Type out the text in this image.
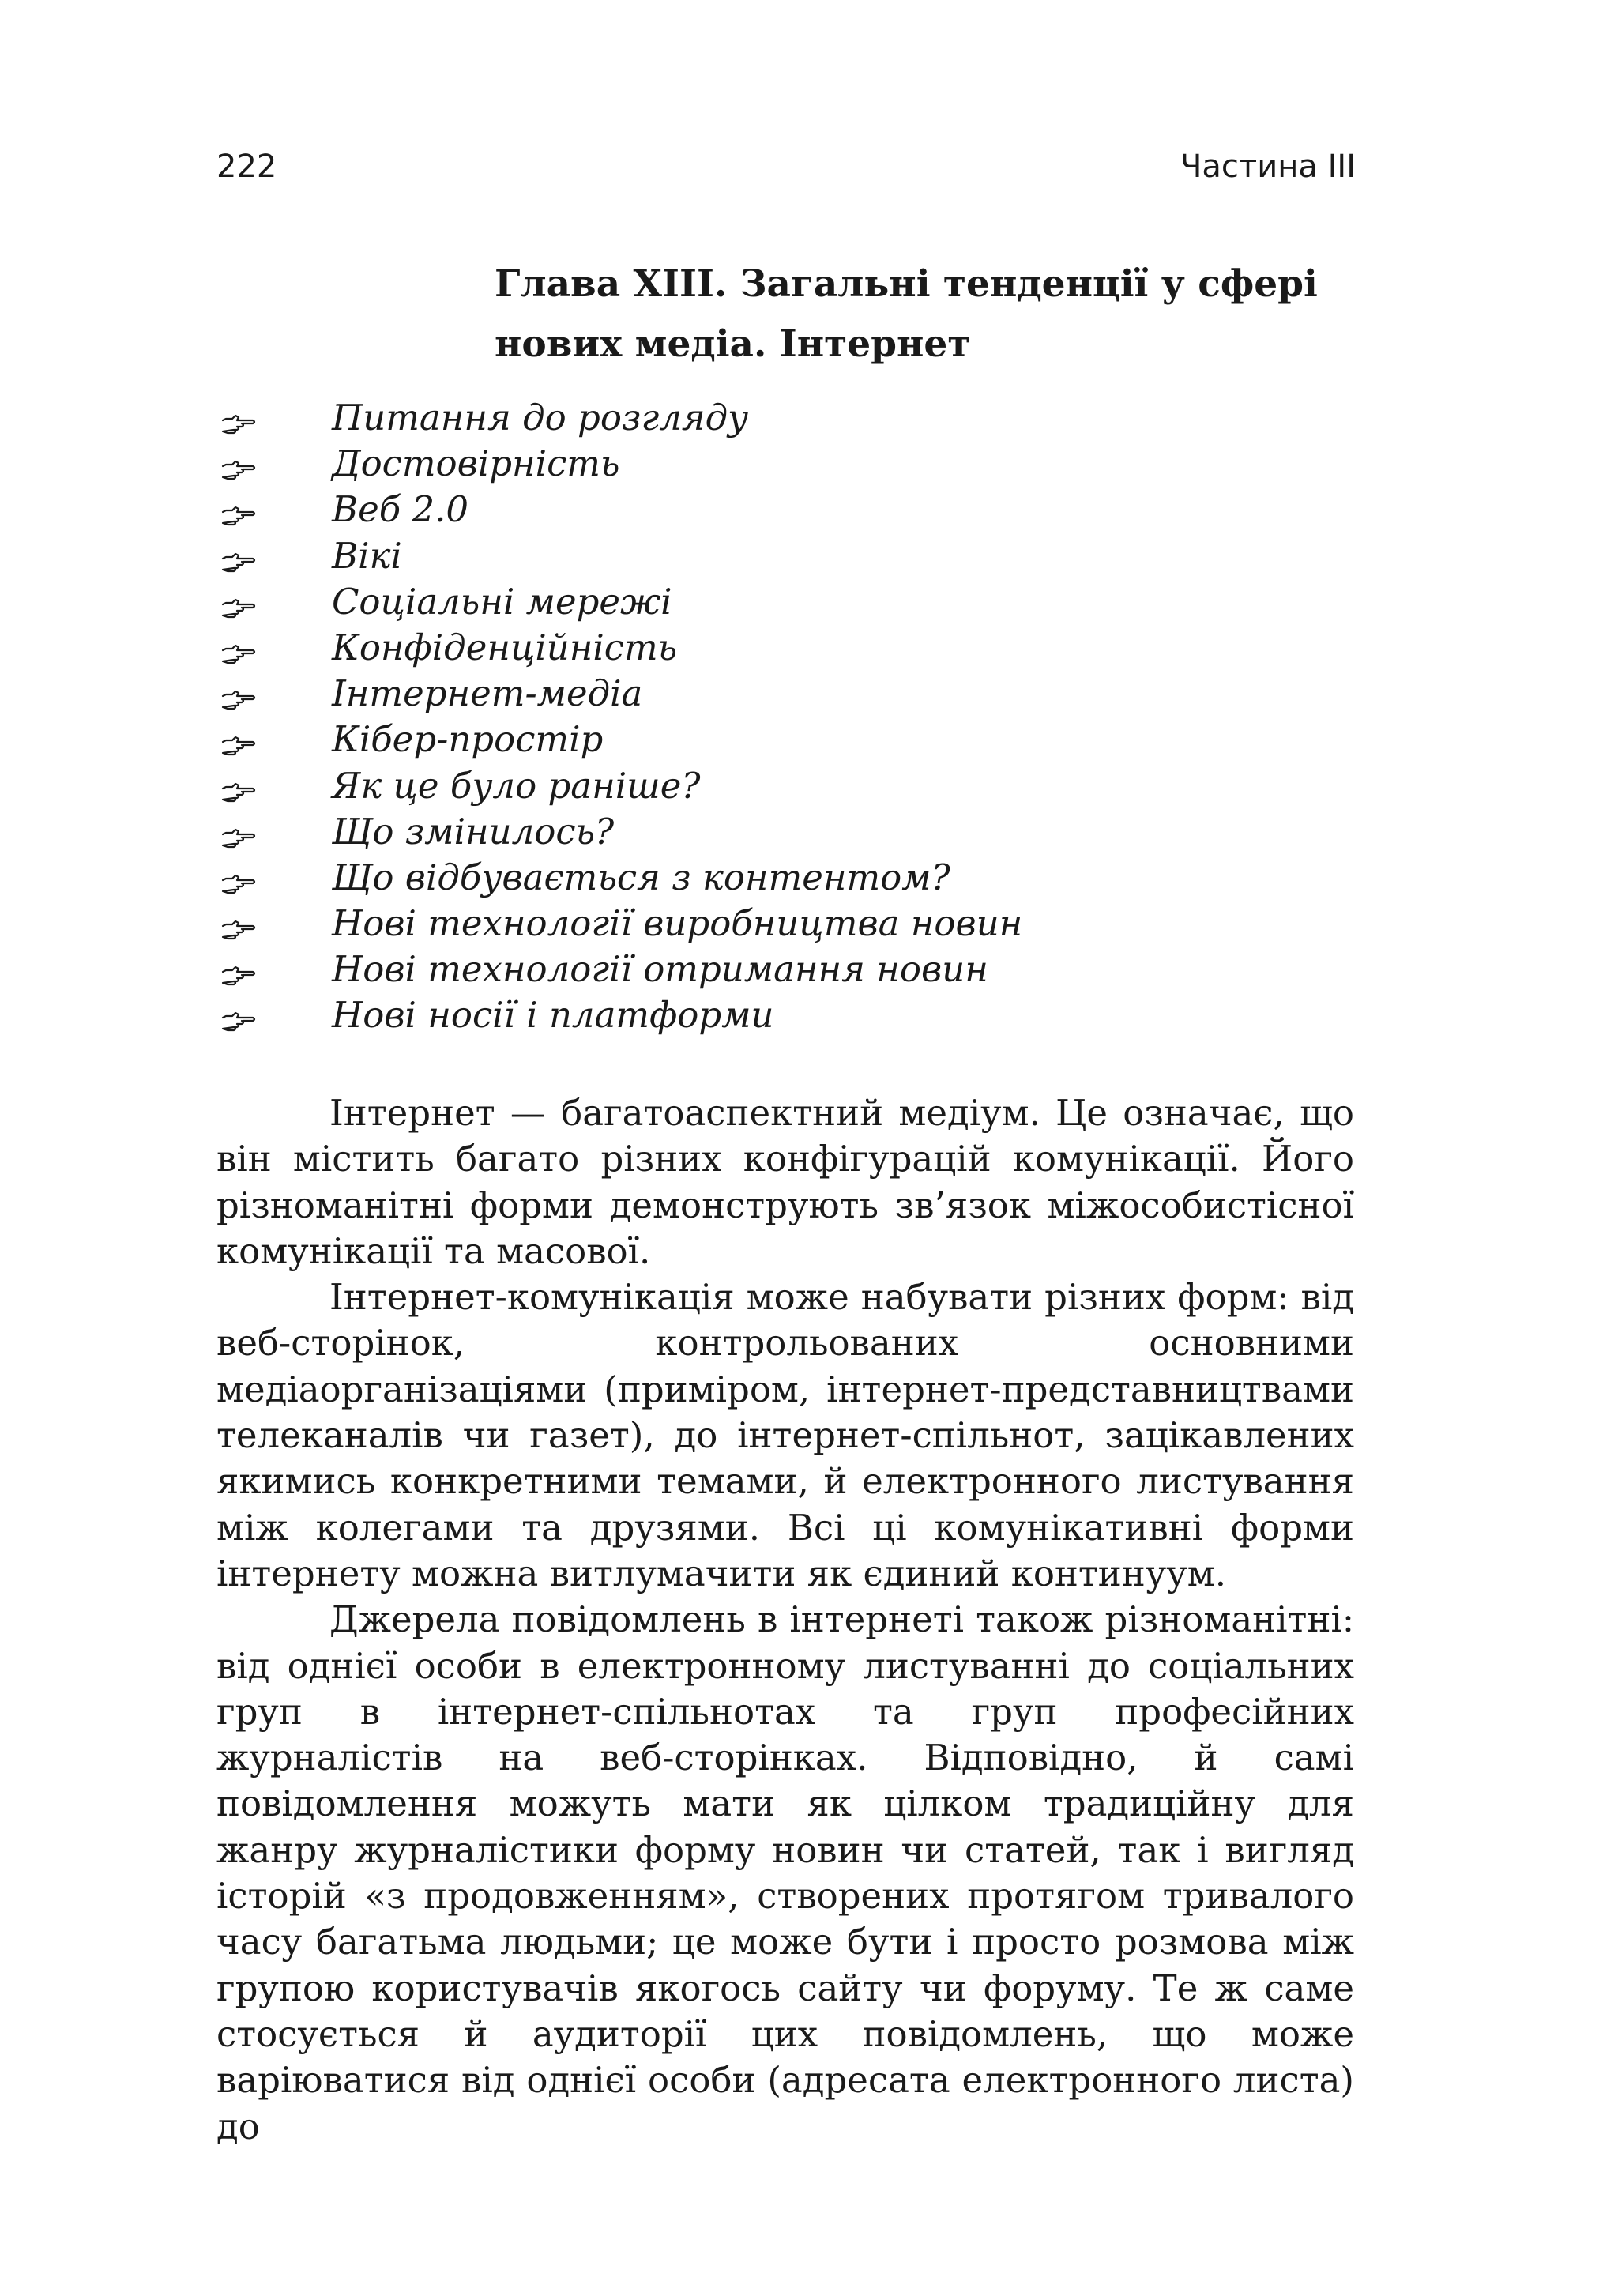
222	Частина ІІІ
Глава XIII. Загальні тенденції у сфері
нових медіа. Інтернет
Питання до розгляду
Достовірність
Веб 2.0
Вікі
Соціальні мережі
Конфіденційність
Інтернет-медіа
Кібер-простір
Як це було раніше?
Що змінилось?
Що відбувається з контентом?
Нові технології виробництва новин
Нові технології отримання новин
Нові носії і платформи

Інтернет — багатоаспектний медіум. Це означає, що він містить багато різних конфігурацій комунікації. Його різноманітні форми демонструють зв’язок міжособистісної комунікації та масової.

Інтернет-комунікація може набувати різних форм: від веб-сторінок, контрольованих основними медіаорганізаціями (приміром, інтернет-представництвами телеканалів чи газет), до інтернет-спільнот, зацікавлених якимись конкретними темами, й електронного листування між колегами та друзями. Всі ці комунікативні форми інтернету можна витлумачити як єдиний континуум.

Джерела повідомлень в інтернеті також різноманітні: від однієї особи в електронному листуванні до соціальних груп в інтернет-спільнотах та груп професійних журналістів на веб-сторінках. Відповідно, й самі повідомлення можуть мати як цілком традиційну для жанру журналістики форму новин чи статей, так і вигляд історій «з продовженням», створених протягом тривалого часу багатьма людьми; це може бути і просто розмова між групою користувачів якогось сайту чи форуму. Те ж саме стосується й аудиторії цих повідомлень, що може варіюватися від однієї особи (адресата електронного листа) до
